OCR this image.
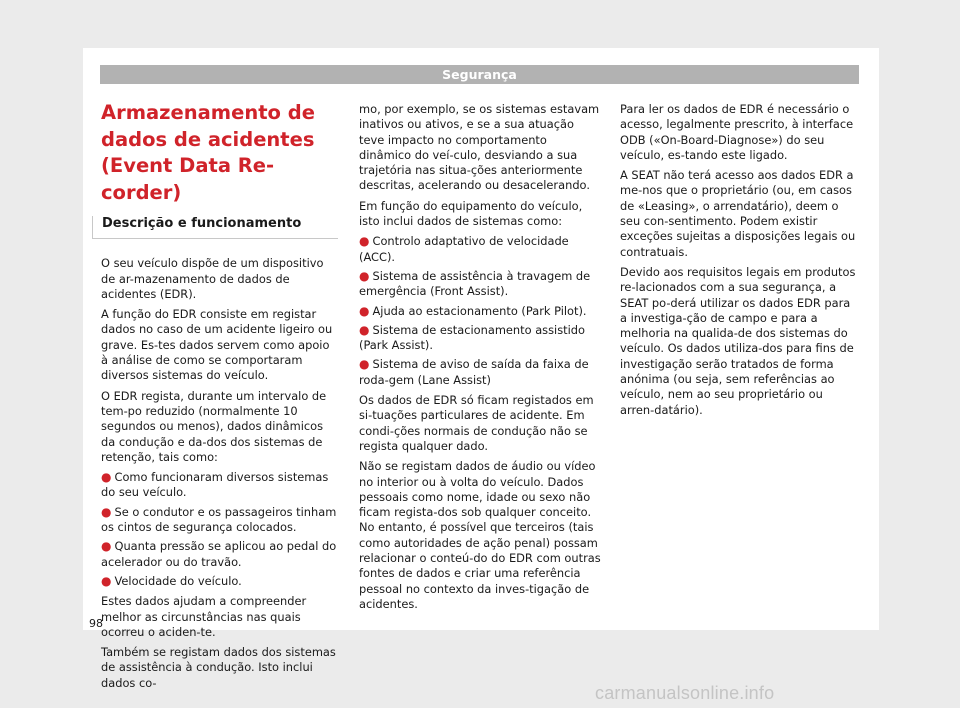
Segurança
Armazenamento de dados de acidentes (Event Data Re-corder)
Descrição e funcionamento

O seu veículo dispõe de um dispositivo de ar-mazenamento de dados de acidentes (EDR).

A função do EDR consiste em registar dados no caso de um acidente ligeiro ou grave. Es-tes dados servem como apoio à análise de como se comportaram diversos sistemas do veículo.

O EDR regista, durante um intervalo de tem-po reduzido (normalmente 10 segundos ou menos), dados dinâmicos da condução e da-dos dos sistemas de retenção, tais como:

● Como funcionaram diversos sistemas do seu veículo.
● Se o condutor e os passageiros tinham os cintos de segurança colocados.
● Quanta pressão se aplicou ao pedal do acelerador ou do travão.
● Velocidade do veículo.

Estes dados ajudam a compreender melhor as circunstâncias nas quais ocorreu o aciden-te.

Também se registam dados dos sistemas de assistência à condução. Isto inclui dados co-

mo, por exemplo, se os sistemas estavam inativos ou ativos, e se a sua atuação teve impacto no comportamento dinâmico do veí-culo, desviando a sua trajetória nas situa-ções anteriormente descritas, acelerando ou desacelerando.

Em função do equipamento do veículo, isto inclui dados de sistemas como:

● Controlo adaptativo de velocidade (ACC).
● Sistema de assistência à travagem de emergência (Front Assist).
● Ajuda ao estacionamento (Park Pilot).
● Sistema de estacionamento assistido (Park Assist).
● Sistema de aviso de saída da faixa de roda-gem (Lane Assist)

Os dados de EDR só ficam registados em si-tuações particulares de acidente. Em condi-ções normais de condução não se regista qualquer dado.

Não se registam dados de áudio ou vídeo no interior ou à volta do veículo. Dados pessoais como nome, idade ou sexo não ficam regista-dos sob qualquer conceito. No entanto, é possível que terceiros (tais como autoridades de ação penal) possam relacionar o conteú-do do EDR com outras fontes de dados e criar uma referência pessoal no contexto da inves-tigação de acidentes.

Para ler os dados de EDR é necessário o acesso, legalmente prescrito, à interface ODB («On-Board-Diagnose») do seu veículo, es-tando este ligado.

A SEAT não terá acesso aos dados EDR a me-nos que o proprietário (ou, em casos de «Leasing», o arrendatário), deem o seu con-sentimento. Podem existir exceções sujeitas a disposições legais ou contratuais.

Devido aos requisitos legais em produtos re-lacionados com a sua segurança, a SEAT po-derá utilizar os dados EDR para a investiga-ção de campo e para a melhoria na qualida-de dos sistemas do veículo. Os dados utiliza-dos para fins de investigação serão tratados de forma anónima (ou seja, sem referências ao veículo, nem ao seu proprietário ou arren-datário).

98
carmanualsonline.info
